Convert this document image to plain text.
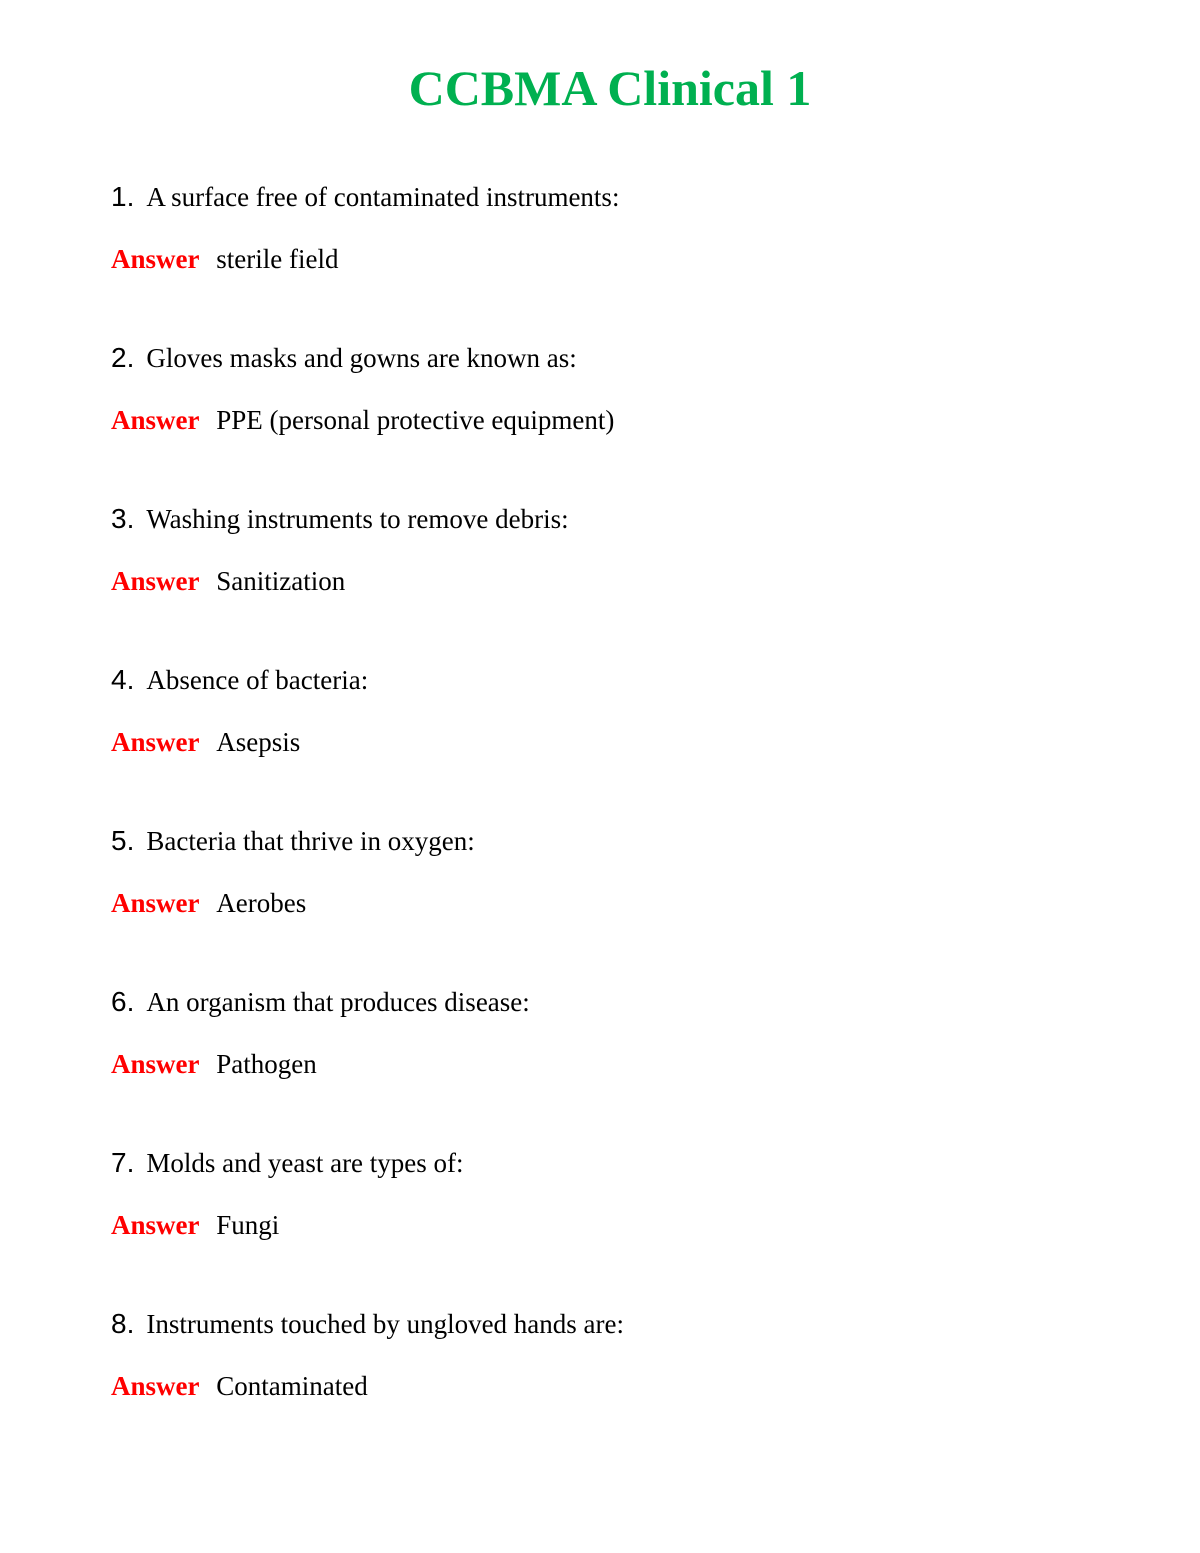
CCBMA Clinical 1
1. A surface free of contaminated instruments:
Answer sterile field
2. Gloves masks and gowns are known as:
Answer PPE (personal protective equipment)
3. Washing instruments to remove debris:
Answer Sanitization
4. Absence of bacteria:
Answer Asepsis
5. Bacteria that thrive in oxygen:
Answer Aerobes
6. An organism that produces disease:
Answer Pathogen
7. Molds and yeast are types of:
Answer Fungi
8. Instruments touched by ungloved hands are:
Answer Contaminated
